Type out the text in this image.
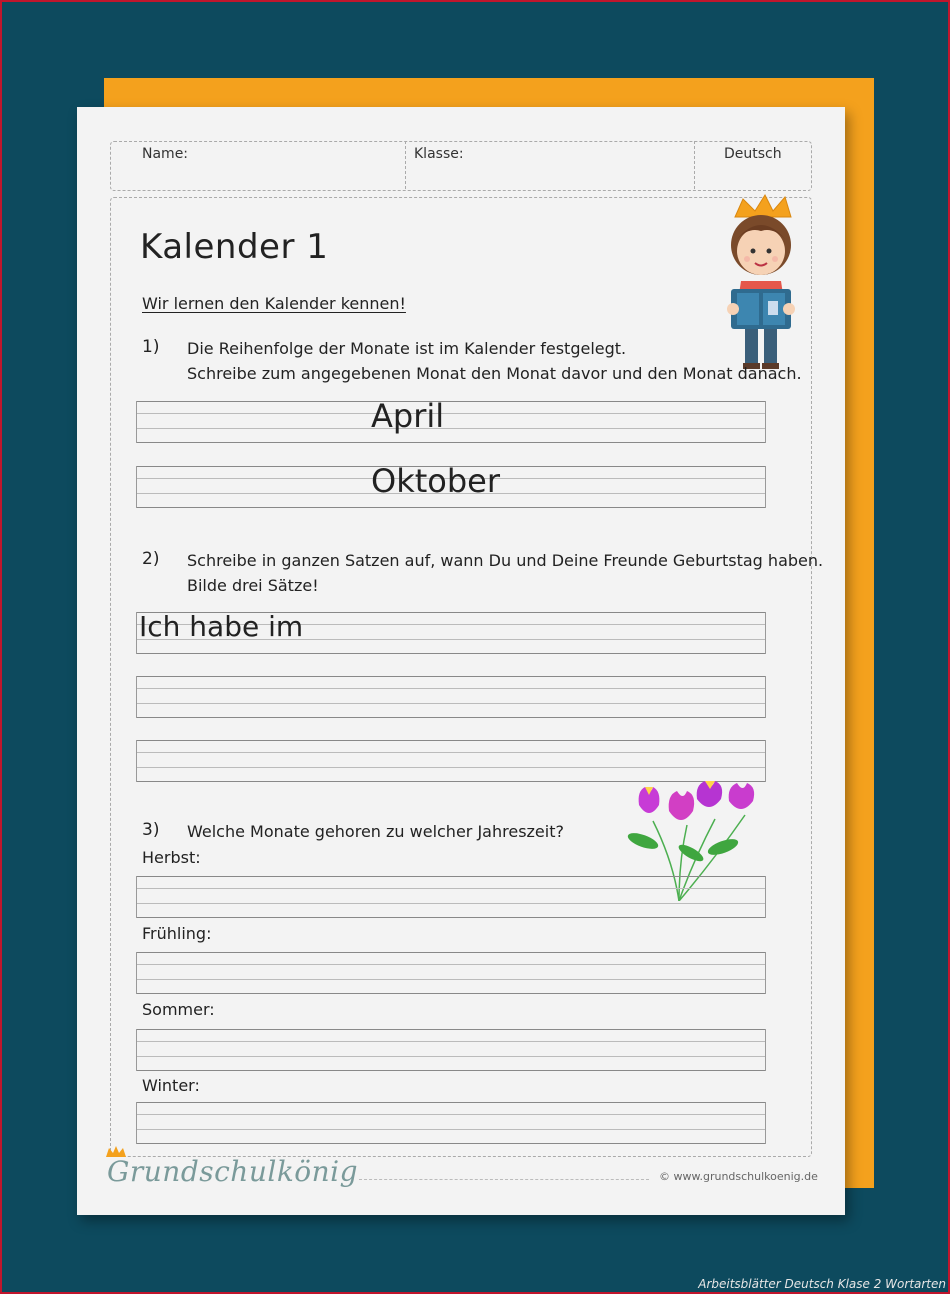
Name:	Klasse:	Deutsch
Kalender 1
Wir lernen den Kalender kennen!
1) Die Reihenfolge der Monate ist im Kalender festgelegt.
Schreibe zum angegebenen Monat den Monat davor und den Monat danach.
April
Oktober
2) Schreibe in ganzen Satzen auf, wann Du und Deine Freunde Geburtstag haben.
Bilde drei Sätze!
Ich habe im
3) Welche Monate gehoren zu welcher Jahreszeit?
Herbst:
Frühling:
Sommer:
Winter:
Grundschulkönig	© www.grundschulkoenig.de
Arbeitsblätter Deutsch Klase 2 Wortarten
